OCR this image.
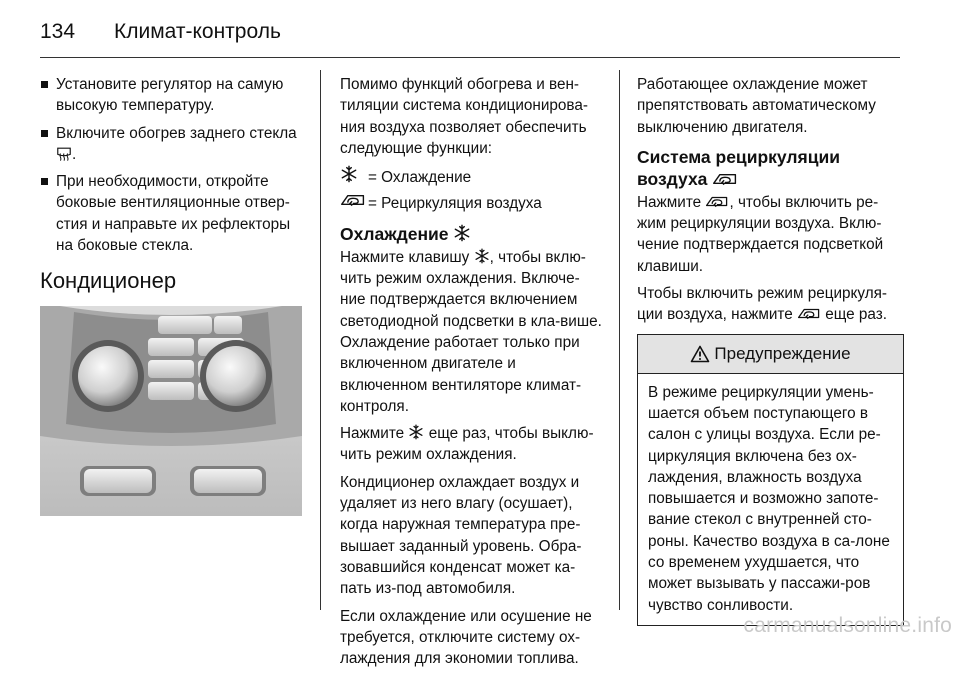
134 Климат-контроль
Установите регулятор на самую высокую температуру.
Включите обогрев заднего стекла .
При необходимости, откройте боковые вентиляционные отвер-стия и направьте их рефлекторы на боковые стекла.
Кондиционер

Помимо функций обогрева и вен-тиляции система кондиционирова-ния воздуха позволяет обеспечить следующие функции:

= Охлаждение
= Рециркуляция воздуха
Охлаждение

Нажмите клавишу , чтобы вклю-чить режим охлаждения. Включе-ние подтверждается включением светодиодной подсветки в кла-више. Охлаждение работает только при включенном двигателе и включенном вентиляторе климат-контроля.

Нажмите еще раз, чтобы выклю-чить режим охлаждения.

Кондиционер охлаждает воздух и удаляет из него влагу (осушает), когда наружная температура пре-вышает заданный уровень. Обра-зовавшийся конденсат может ка-пать из-под автомобиля.

Если охлаждение или осушение не требуется, отключите систему ох-лаждения для экономии топлива.

Работающее охлаждение может препятствовать автоматическому выключению двигателя.

Система рециркуляции воздуха

Нажмите , чтобы включить ре-жим рециркуляции воздуха. Вклю-чение подтверждается подсветкой клавиши.

Чтобы включить режим рециркуля-ции воздуха, нажмите еще раз.

Предупреждение
В режиме рециркуляции умень-шается объем поступающего в салон с улицы воздуха. Если ре-циркуляция включена без ох-лаждения, влажность воздуха повышается и возможно запоте-вание стекол с внутренней сто-роны. Качество воздуха в са-лоне со временем ухудшается, что может вызывать у пассажи-ров чувство сонливости.
carmanualsonline.info
